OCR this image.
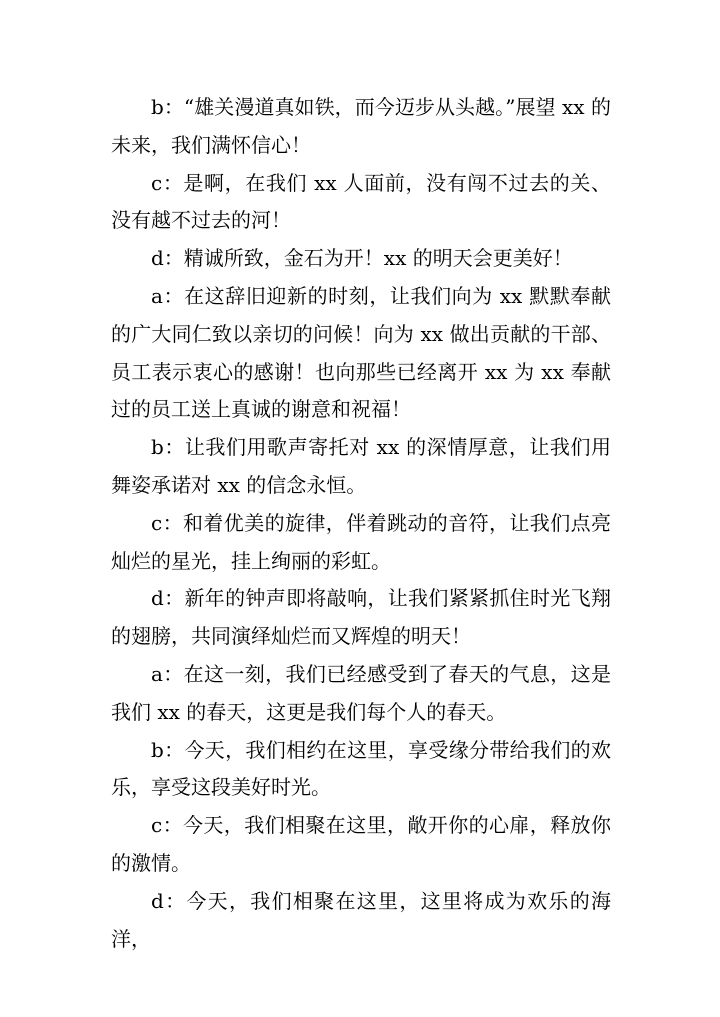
b：“雄关漫道真如铁，而今迈步从头越。”展望 xx 的未来，我们满怀信心！

c：是啊，在我们 xx 人面前，没有闯不过去的关、没有越不过去的河！

d：精诚所致，金石为开！xx 的明天会更美好！

a：在这辞旧迎新的时刻，让我们向为 xx 默默奉献的广大同仁致以亲切的问候！向为 xx 做出贡献的干部、员工表示衷心的感谢！也向那些已经离开 xx 为 xx 奉献过的员工送上真诚的谢意和祝福！

b：让我们用歌声寄托对 xx 的深情厚意，让我们用舞姿承诺对 xx 的信念永恒。

c：和着优美的旋律，伴着跳动的音符，让我们点亮灿烂的星光，挂上绚丽的彩虹。

d：新年的钟声即将敲响，让我们紧紧抓住时光飞翔的翅膀，共同演绎灿烂而又辉煌的明天！

a：在这一刻，我们已经感受到了春天的气息，这是我们 xx 的春天，这更是我们每个人的春天。

b：今天，我们相约在这里，享受缘分带给我们的欢乐，享受这段美好时光。

c：今天，我们相聚在这里，敞开你的心扉，释放你的激情。

d：今天，我们相聚在这里，这里将成为欢乐的海洋，
